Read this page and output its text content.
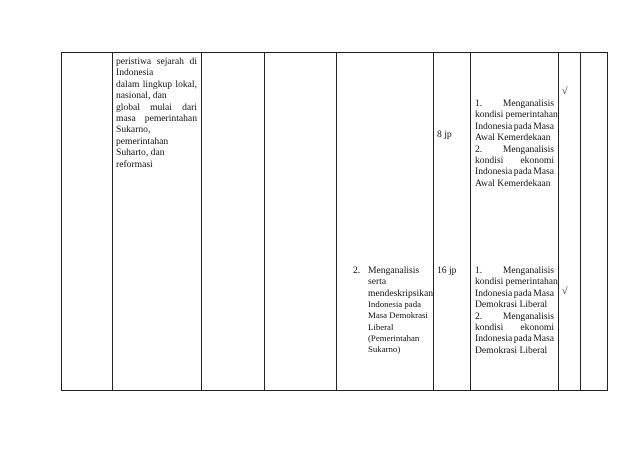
peristiwa sejarah di
Indonesia
dalam lingkup lokal,
nasional, dan
global mulai dari
masa pemerintahan
Sukarno,
pemerintahan
Suharto, dan
reformasi
8 jp
1. Menganalisis
kondisi pemerintahan
Indonesia pada Masa
Awal Kemerdekaan
2. Menganalisis
kondisi ekonomi
Indonesia pada Masa
Awal Kemerdekaan
√
2. Menganalisis
serta
mendeskripsikan
Indonesia pada
Masa Demokrasi
Liberal
(Pemerintahan
Sukarno)
16 jp 1. Menganalisis
kondisi pemerintahan
Indonesia pada Masa
Demokrasi Liberal
2. Menganalisis
kondisi ekonomi
Indonesia pada Masa
Demokrasi Liberal
√
